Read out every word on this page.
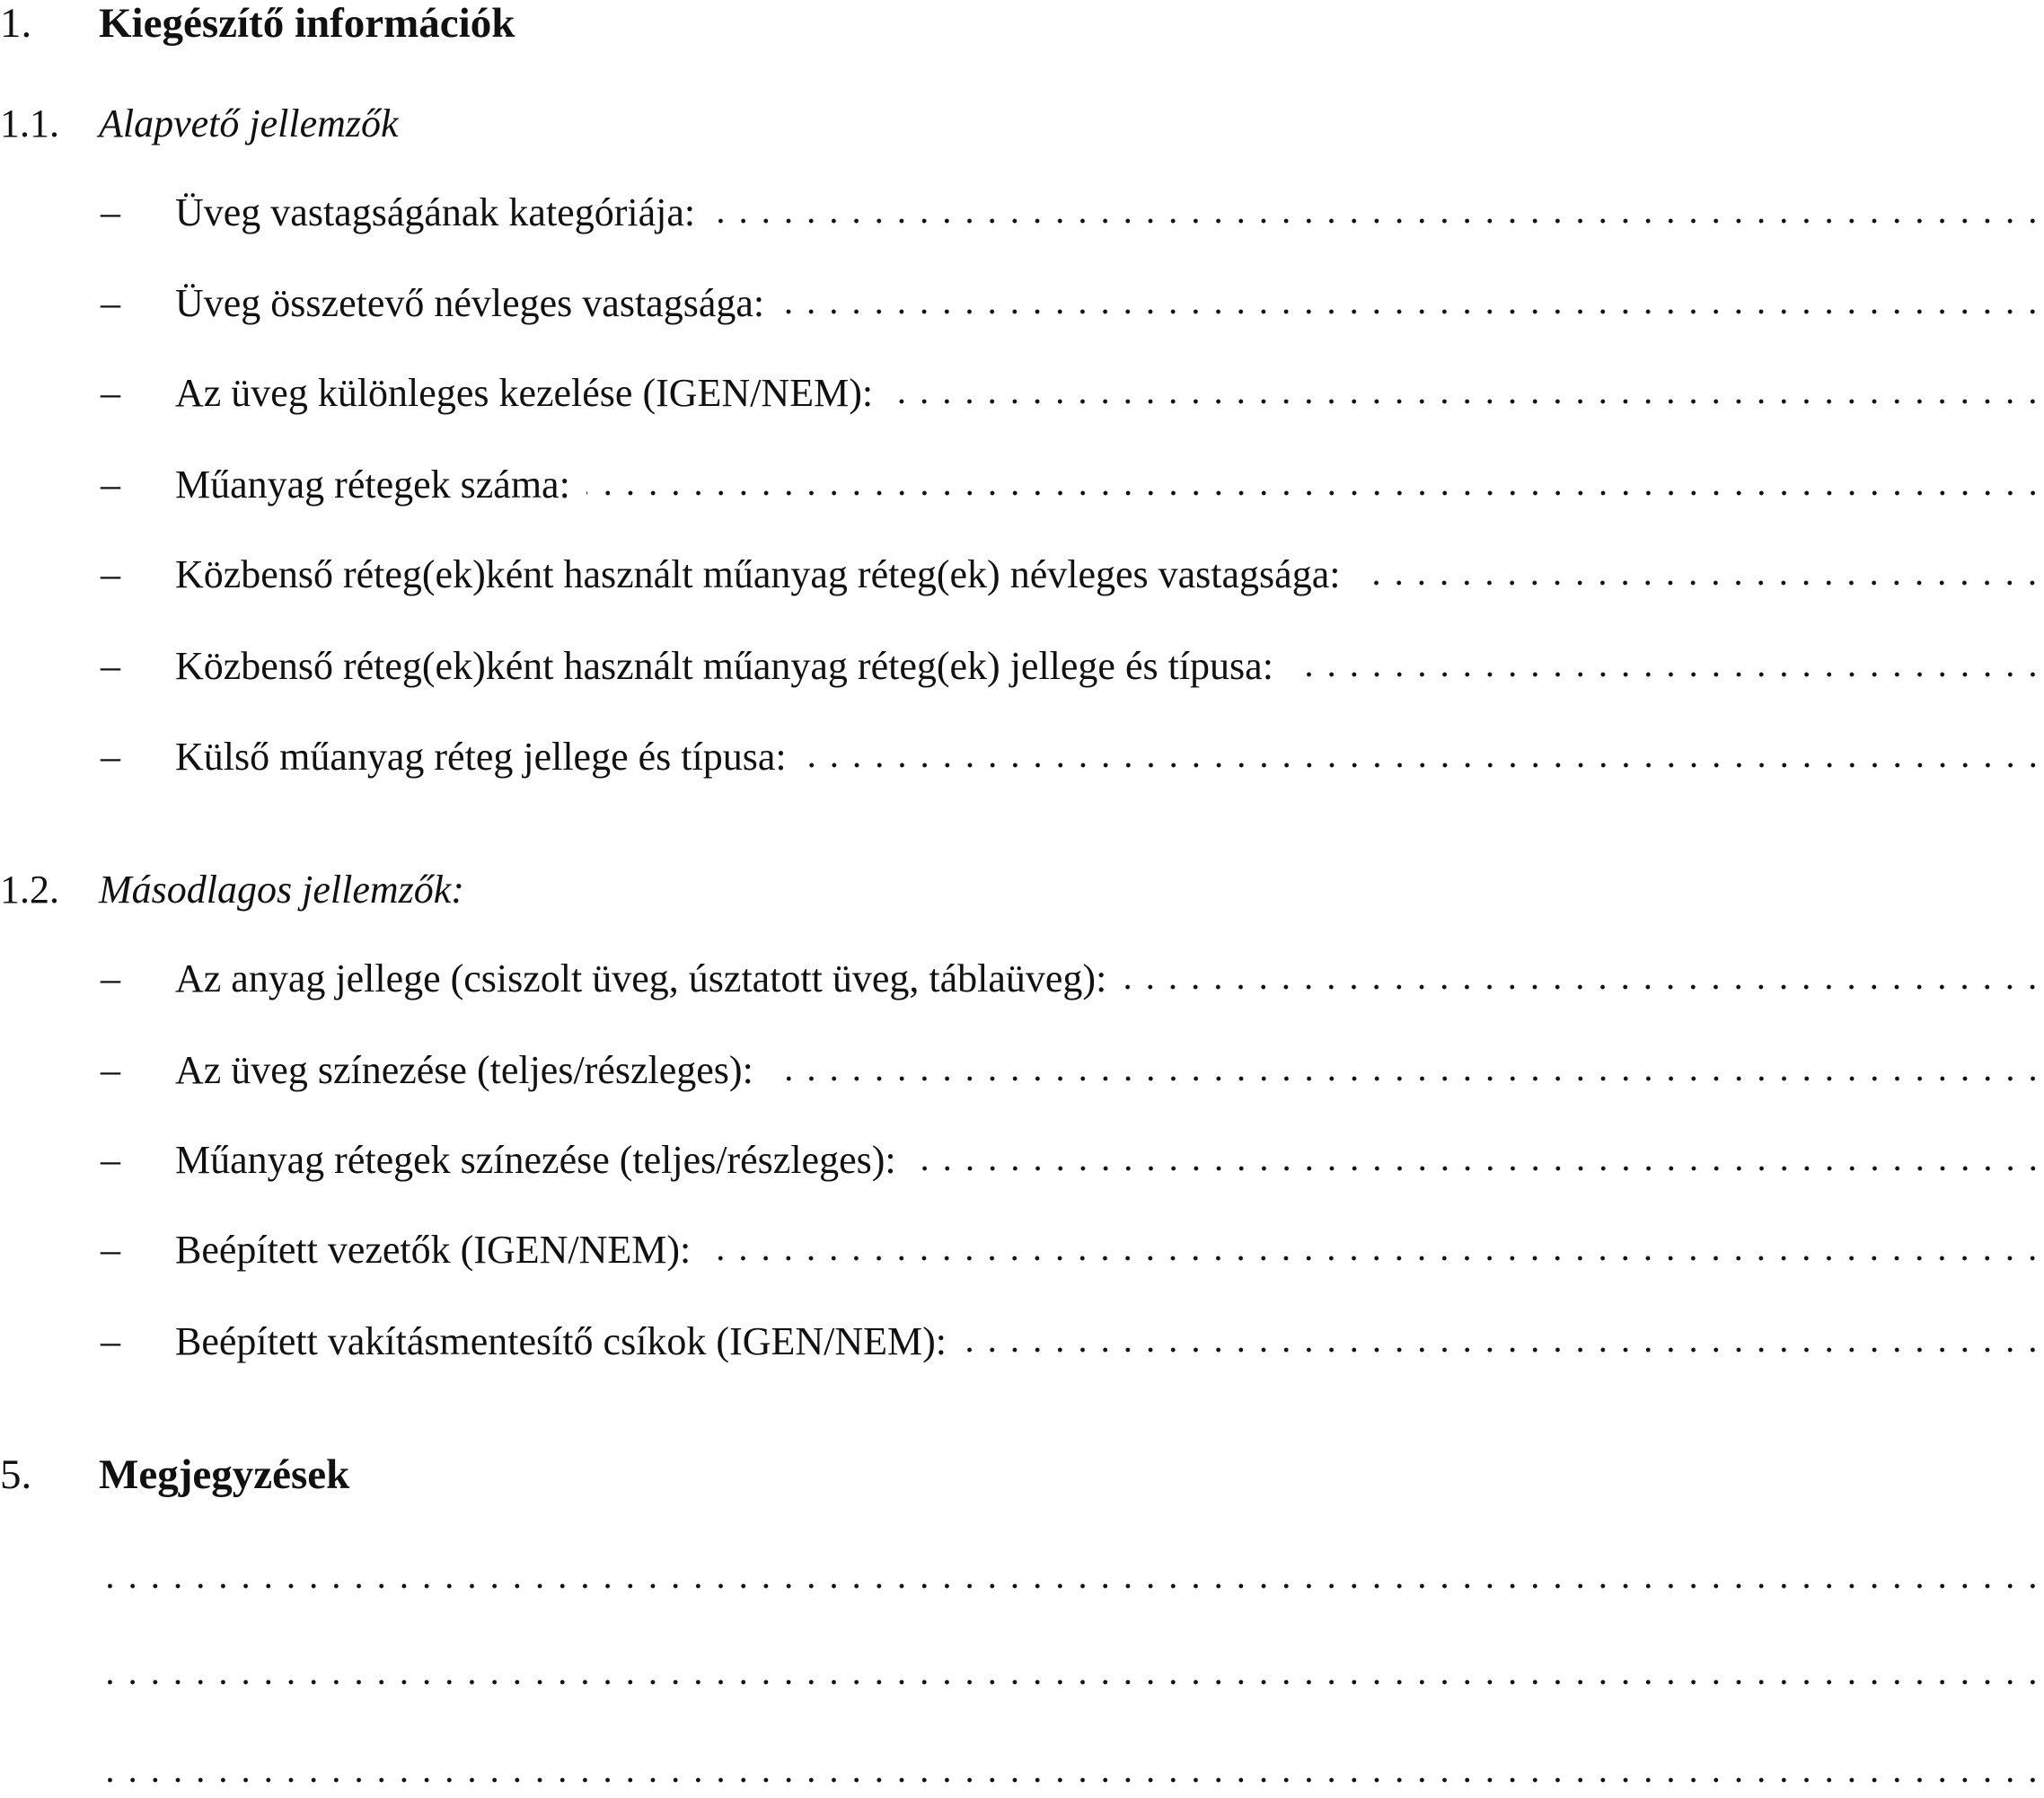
1. Kiegészítő információk
1.1. Alapvető jellemzők
– Üveg vastagságának kategóriája:
– Üveg összetevő névleges vastagsága:
– Az üveg különleges kezelése (IGEN/NEM):
– Műanyag rétegek száma:
– Közbenső réteg(ek)ként használt műanyag réteg(ek) névleges vastagsága:
– Közbenső réteg(ek)ként használt műanyag réteg(ek) jellege és típusa:
– Külső műanyag réteg jellege és típusa:
1.2. Másodlagos jellemzők:
– Az anyag jellege (csiszolt üveg, úsztatott üveg, táblaüveg):
– Az üveg színezése (teljes/részleges):
– Műanyag rétegek színezése (teljes/részleges):
– Beépített vezetők (IGEN/NEM):
– Beépített vakításmentesítő csíkok (IGEN/NEM):
5. Megjegyzések
